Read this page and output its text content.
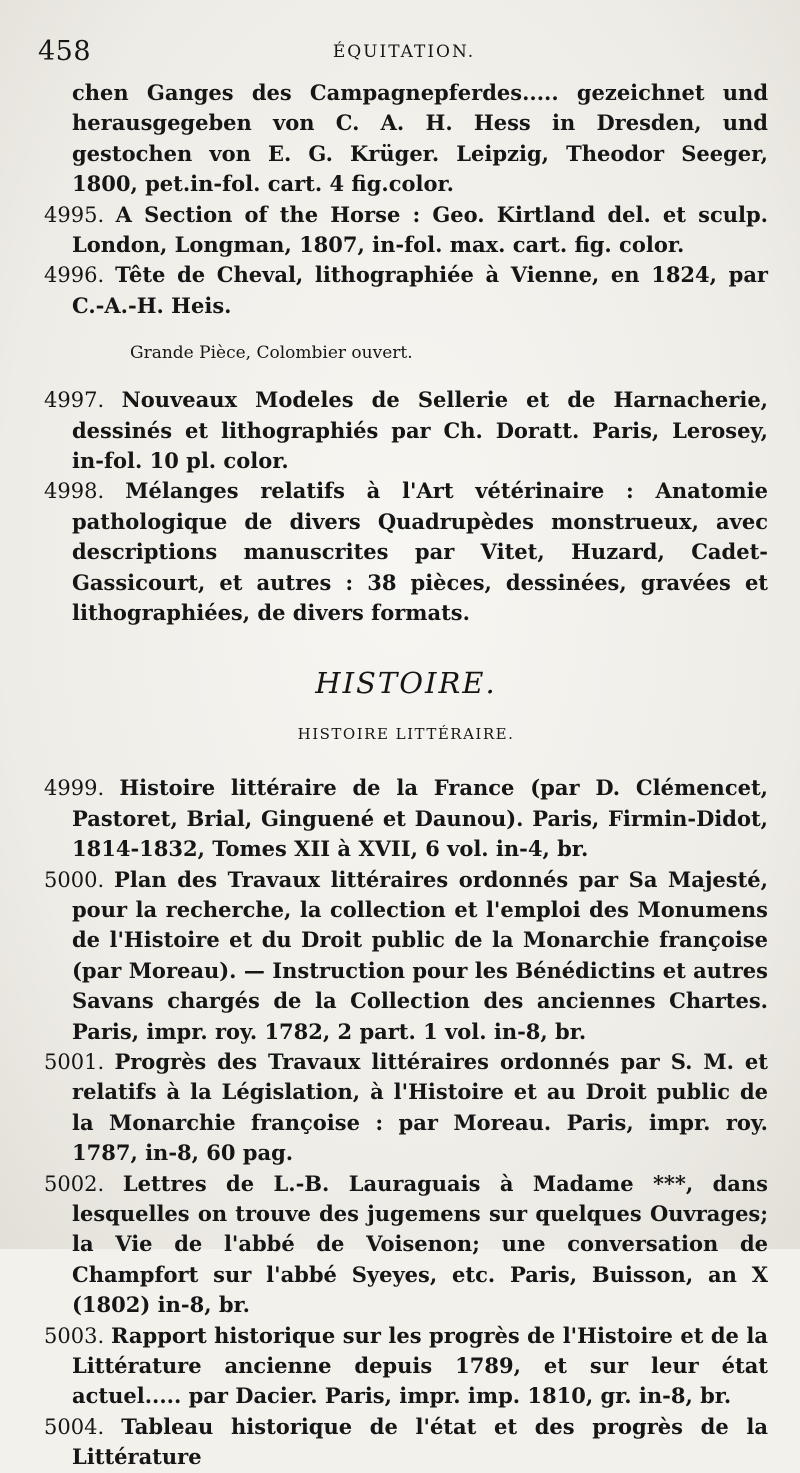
458	ÉQUITATION.

chen Ganges des Campagnepferdes..... gezeichnet und herausgegeben von C. A. H. Hess in Dresden, und gestochen von E. G. Krüger. Leipzig, Theodor Seeger, 1800, pet.in-fol. cart. 4 fig.color.

4995. A Section of the Horse : Geo. Kirtland del. et sculp. London, Longman, 1807, in-fol. max. cart. fig. color.

4996. Tête de Cheval, lithographiée à Vienne, en 1824, par C.-A.-H. Heis.

Grande Pièce, Colombier ouvert.

4997. Nouveaux Modeles de Sellerie et de Harnacherie, dessinés et lithographiés par Ch. Doratt. Paris, Lerosey, in-fol. 10 pl. color.

4998. Mélanges relatifs à l'Art vétérinaire : Anatomie pathologique de divers Quadrupèdes monstrueux, avec descriptions manuscrites par Vitet, Huzard, Cadet-Gassicourt, et autres : 38 pièces, dessinées, gravées et lithographiées, de divers formats.

HISTOIRE.
HISTOIRE LITTÉRAIRE.

4999. Histoire littéraire de la France (par D. Clémencet, Pastoret, Brial, Ginguené et Daunou). Paris, Firmin-Didot, 1814-1832, Tomes XII à XVII, 6 vol. in-4, br.

5000. Plan des Travaux littéraires ordonnés par Sa Majesté, pour la recherche, la collection et l'emploi des Monumens de l'Histoire et du Droit public de la Monarchie françoise (par Moreau). — Instruction pour les Bénédictins et autres Savans chargés de la Collection des anciennes Chartes. Paris, impr. roy. 1782, 2 part. 1 vol. in-8, br.

5001. Progrès des Travaux littéraires ordonnés par S. M. et relatifs à la Législation, à l'Histoire et au Droit public de la Monarchie françoise : par Moreau. Paris, impr. roy. 1787, in-8, 60 pag.

5002. Lettres de L.-B. Lauraguais à Madame ***, dans lesquelles on trouve des jugemens sur quelques Ouvrages; la Vie de l'abbé de Voisenon; une conversation de Champfort sur l'abbé Syeyes, etc. Paris, Buisson, an X (1802) in-8, br.

5003. Rapport historique sur les progrès de l'Histoire et de la Littérature ancienne depuis 1789, et sur leur état actuel..... par Dacier. Paris, impr. imp. 1810, gr. in-8, br.

5004. Tableau historique de l'état et des progrès de la Littérature
